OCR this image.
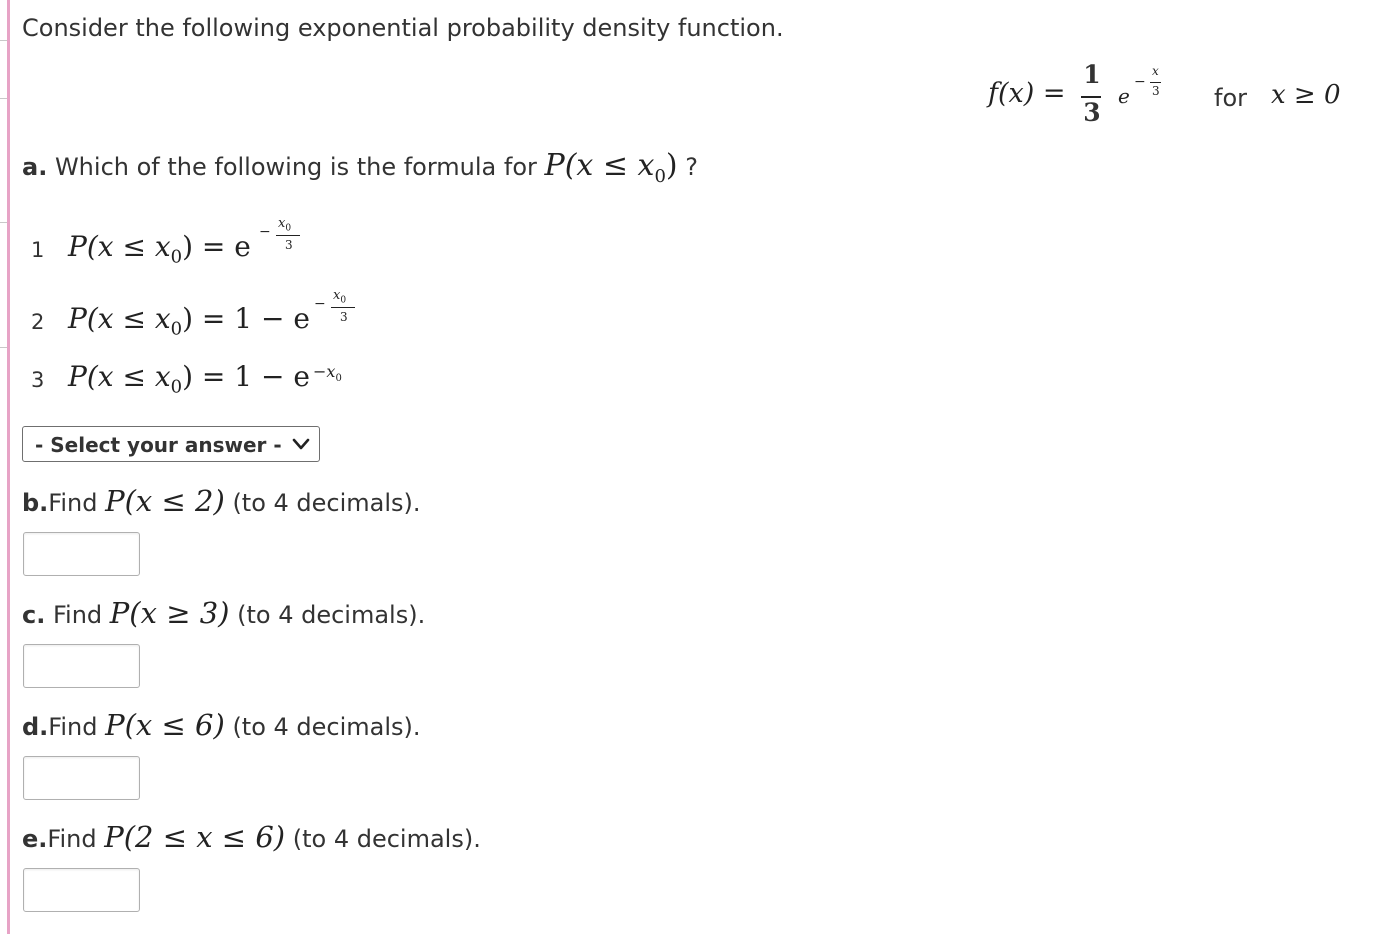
Consider the following exponential probability density function.
f(x) =
1
3
e
−
x
3 for x ≥ 0
a. Which of the following is the formula for $P(x \le x_0)$ ?
1 $P(x \le x_0) = e$ −
$x_0$
3
2 $P(x \le x_0) = 1 - e$ −
$x_0$
3
3 $P(x \le x_0) = 1 - e -x_0$
- Select your answer -
b.Find P(x ≤ 2) (to 4 decimals).
c. Find P(x ≥ 3) (to 4 decimals).
d.Find P(x ≤ 6) (to 4 decimals).
e.Find P(2 ≤ x ≤ 6) (to 4 decimals).
